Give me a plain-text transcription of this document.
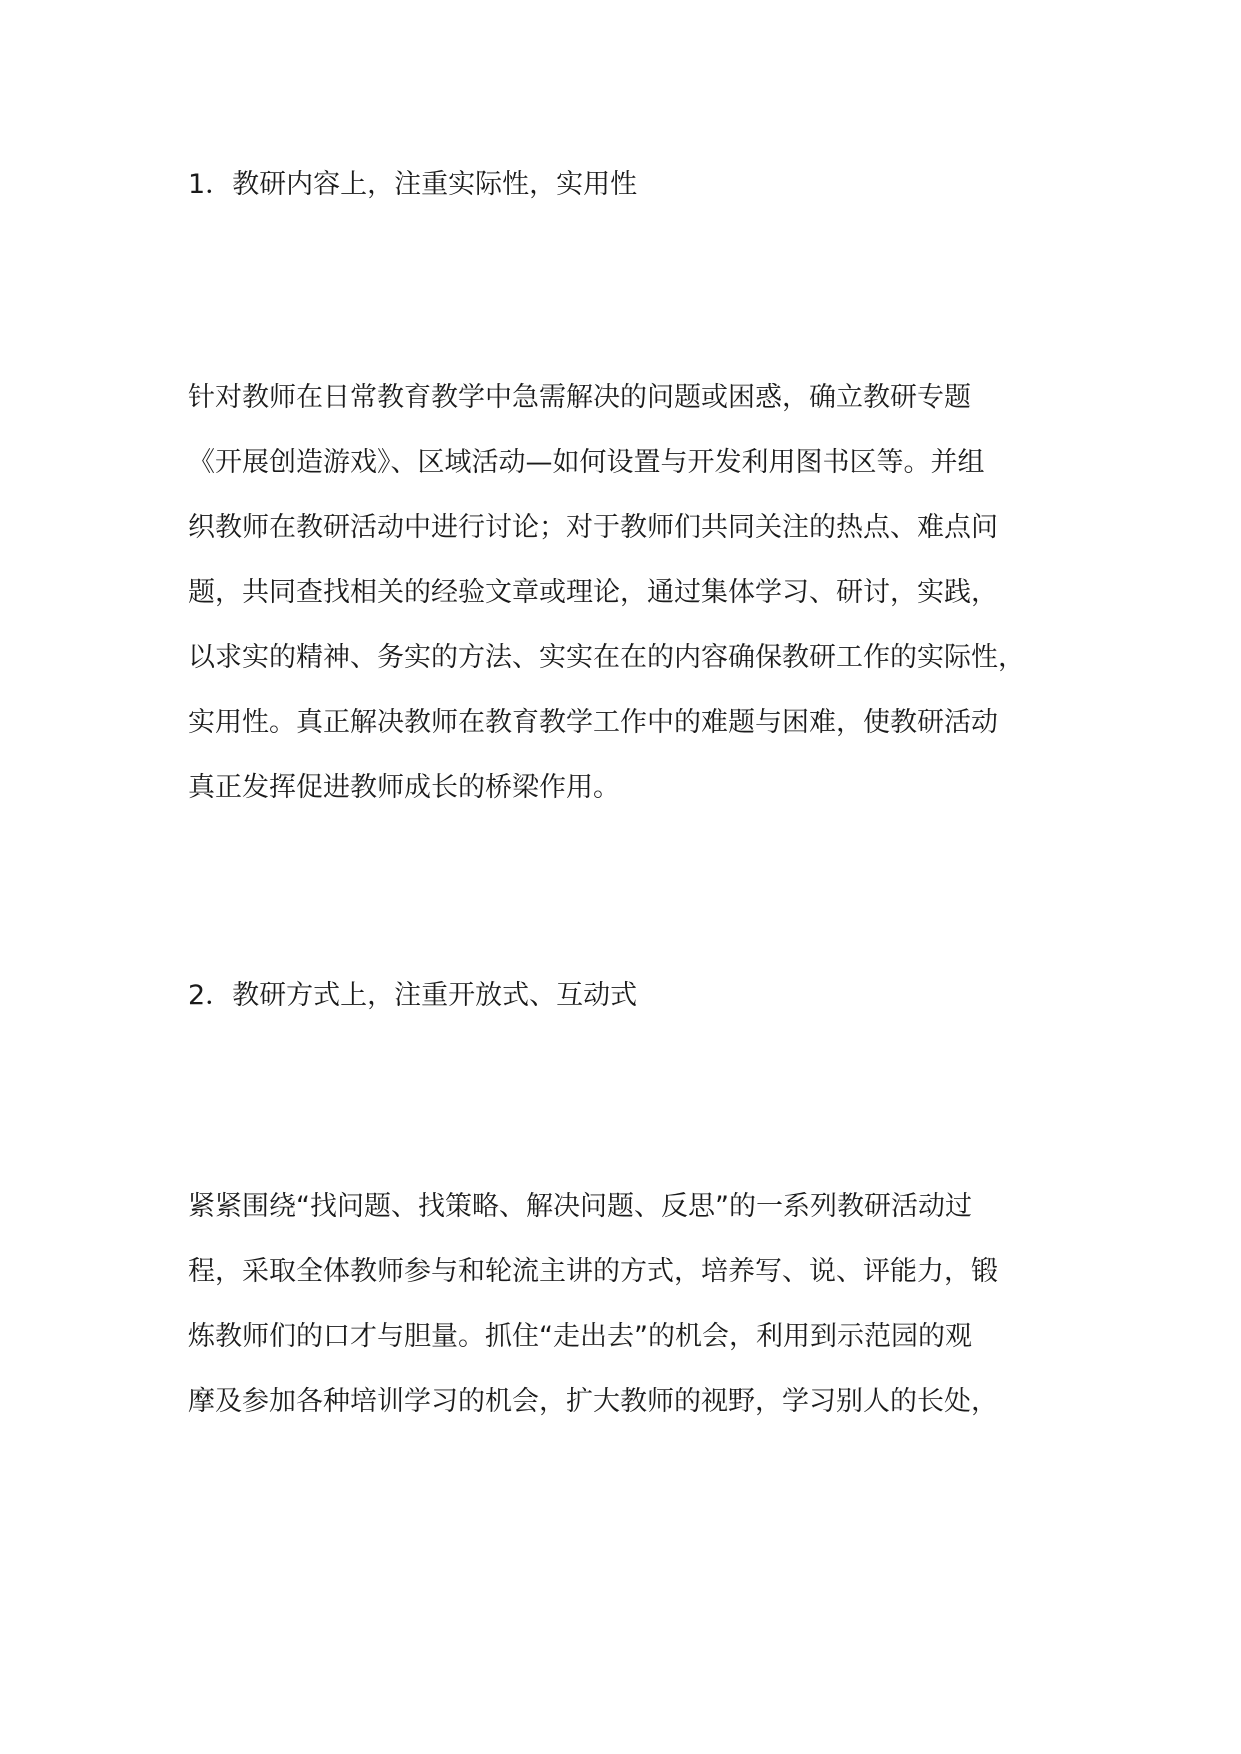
1．教研内容上，注重实际性，实用性
针对教师在日常教育教学中急需解决的问题或困惑，确立教研专题
《开展创造游戏》、区域活动—如何设置与开发利用图书区等。并组
织教师在教研活动中进行讨论；对于教师们共同关注的热点、难点问
题，共同查找相关的经验文章或理论，通过集体学习、研讨，实践，
以求实的精神、务实的方法、实实在在的内容确保教研工作的实际性，
实用性。真正解决教师在教育教学工作中的难题与困难，使教研活动
真正发挥促进教师成长的桥梁作用。
2．教研方式上，注重开放式、互动式
紧紧围绕“找问题、找策略、解决问题、反思”的一系列教研活动过
程，采取全体教师参与和轮流主讲的方式，培养写、说、评能力，锻
炼教师们的口才与胆量。抓住“走出去”的机会，利用到示范园的观
摩及参加各种培训学习的机会，扩大教师的视野，学习别人的长处，
